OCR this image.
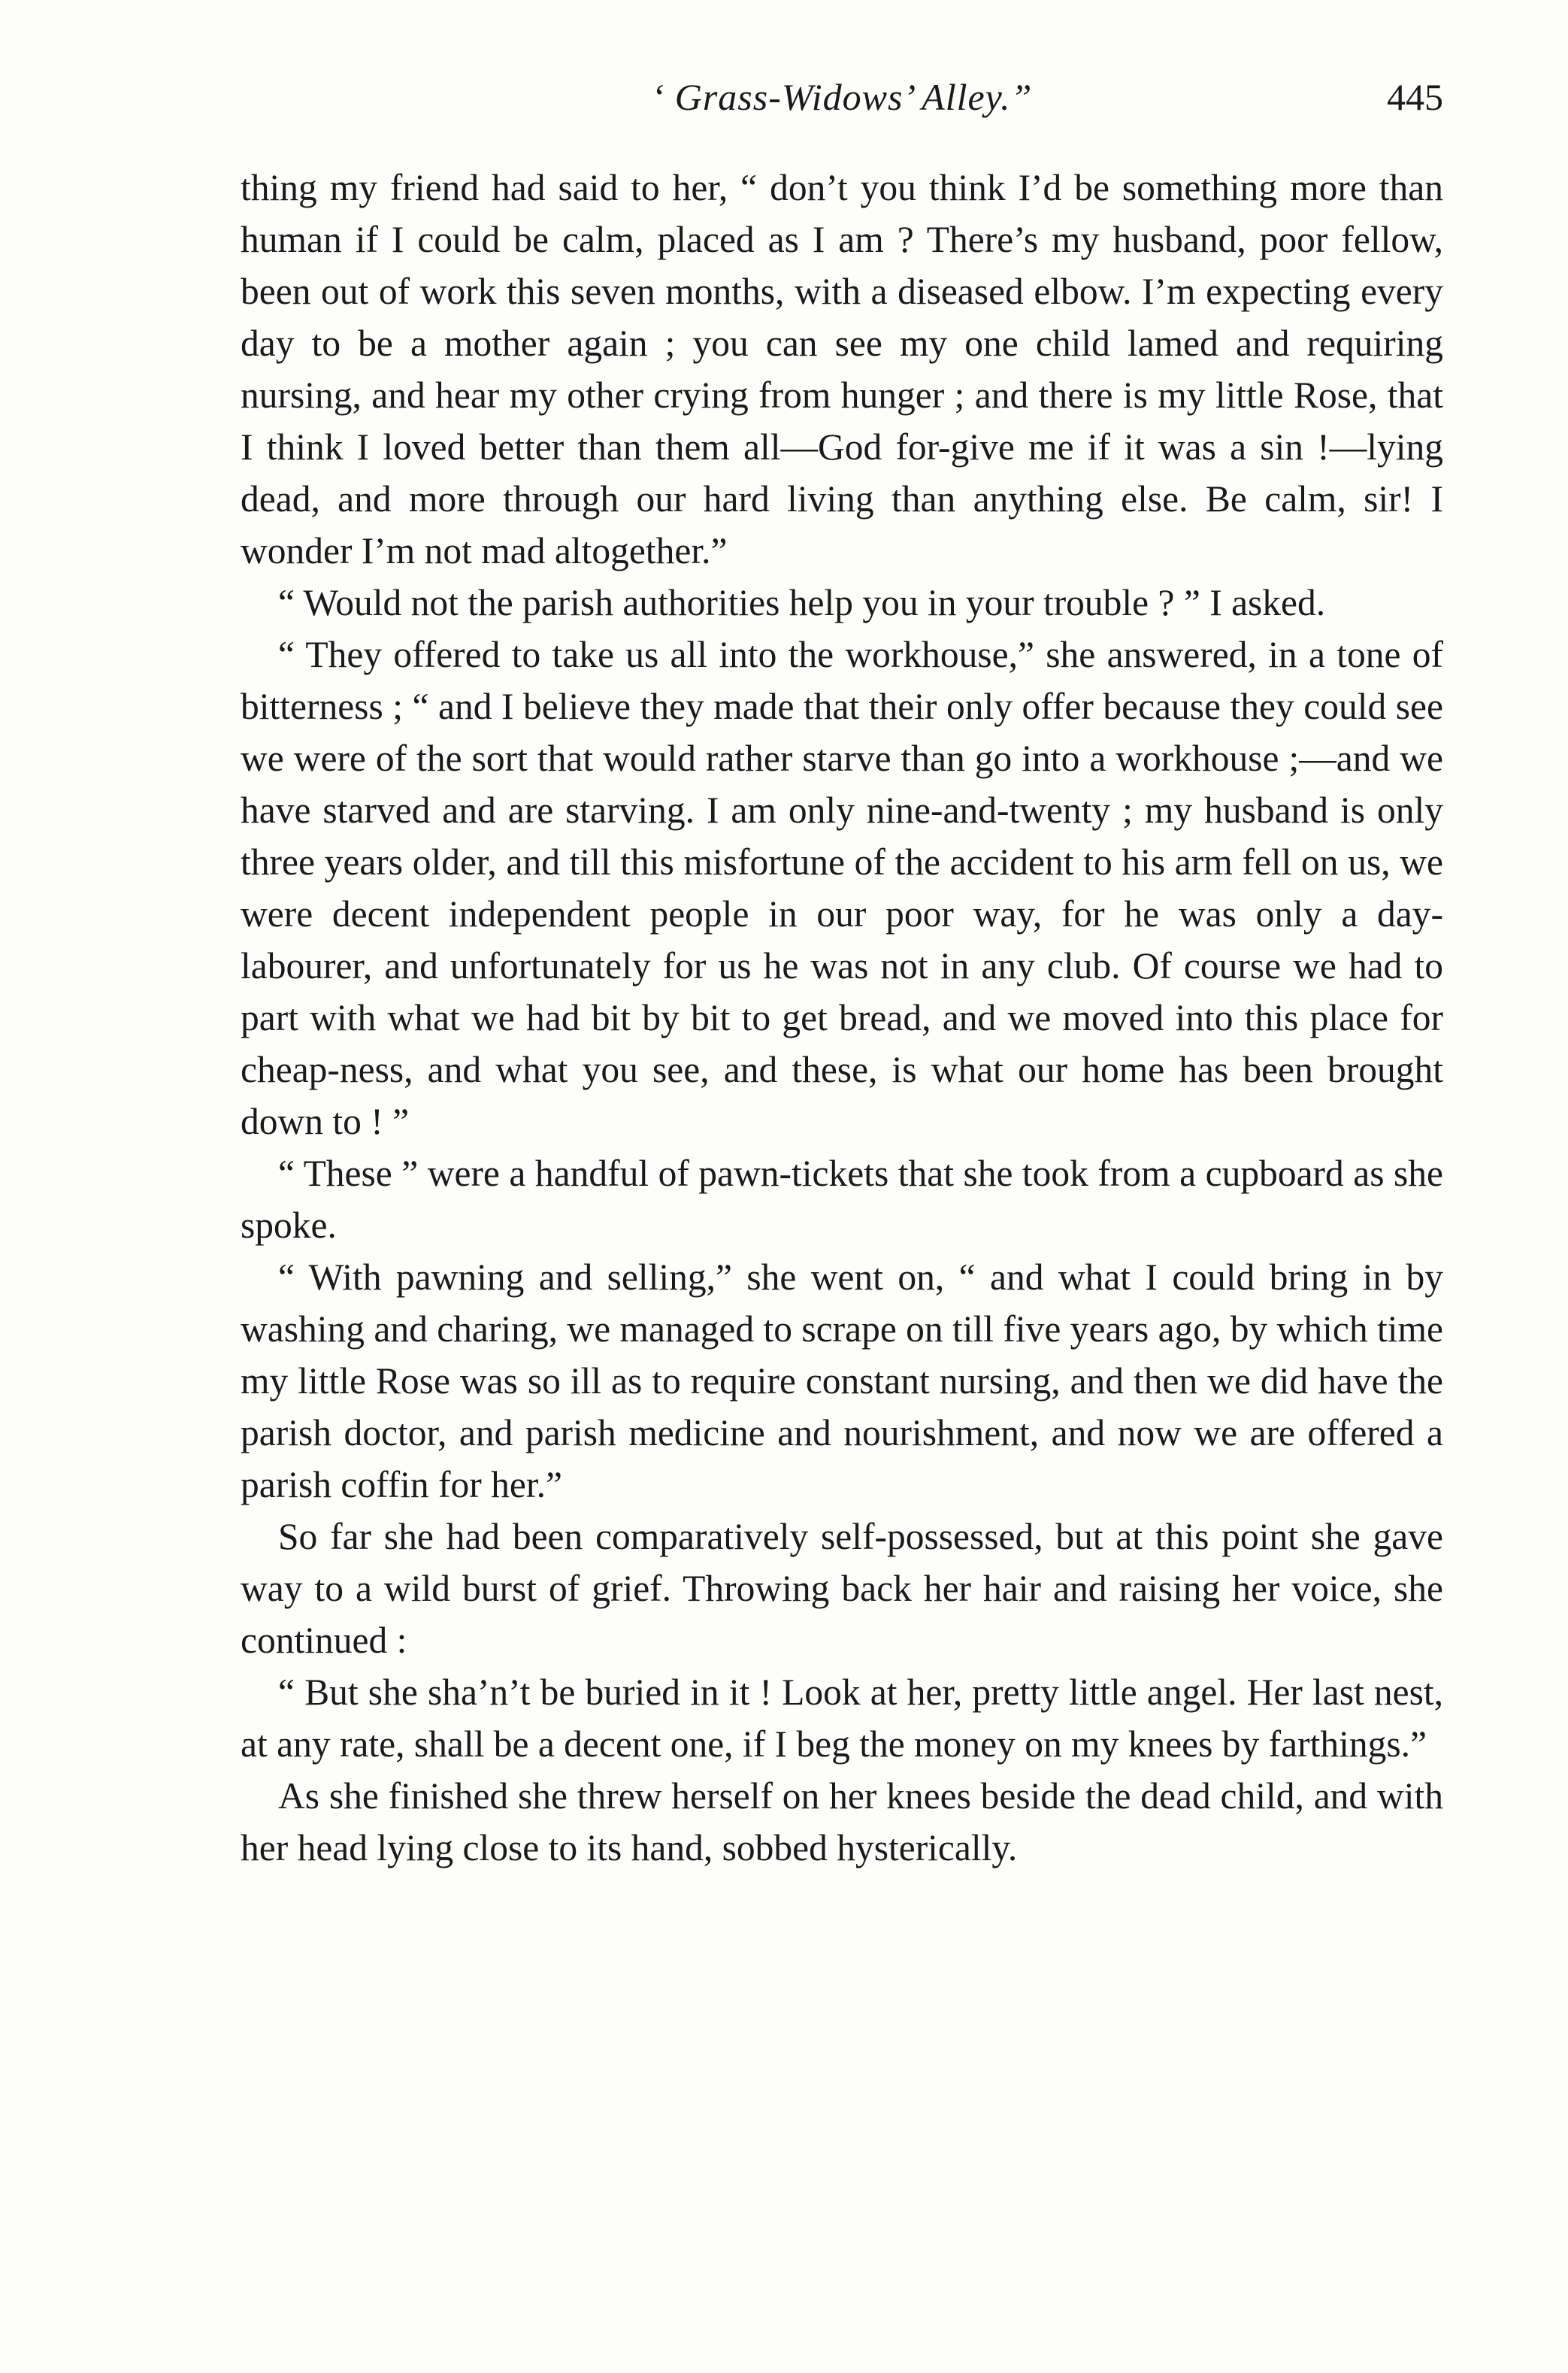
‘ Grass-Widows’ Alley.”	445

thing my friend had said to her, “ don’t you think I’d be something more than human if I could be calm, placed as I am ? There’s my husband, poor fellow, been out of work this seven months, with a diseased elbow. I’m expecting every day to be a mother again ; you can see my one child lamed and requiring nursing, and hear my other crying from hunger ; and there is my little Rose, that I think I loved better than them all—God for-give me if it was a sin !—lying dead, and more through our hard living than anything else. Be calm, sir! I wonder I’m not mad altogether.”

“ Would not the parish authorities help you in your trouble ? ” I asked.

“ They offered to take us all into the workhouse,” she answered, in a tone of bitterness ; “ and I believe they made that their only offer because they could see we were of the sort that would rather starve than go into a workhouse ;—and we have starved and are starving. I am only nine-and-twenty ; my husband is only three years older, and till this misfortune of the accident to his arm fell on us, we were decent independent people in our poor way, for he was only a day-labourer, and unfortunately for us he was not in any club. Of course we had to part with what we had bit by bit to get bread, and we moved into this place for cheap-ness, and what you see, and these, is what our home has been brought down to ! ”

“ These ” were a handful of pawn-tickets that she took from a cupboard as she spoke.

“ With pawning and selling,” she went on, “ and what I could bring in by washing and charing, we managed to scrape on till five years ago, by which time my little Rose was so ill as to require constant nursing, and then we did have the parish doctor, and parish medicine and nourishment, and now we are offered a parish coffin for her.”

So far she had been comparatively self-possessed, but at this point she gave way to a wild burst of grief. Throwing back her hair and raising her voice, she continued :

“ But she sha’n’t be buried in it ! Look at her, pretty little angel. Her last nest, at any rate, shall be a decent one, if I beg the money on my knees by farthings.”

As she finished she threw herself on her knees beside the dead child, and with her head lying close to its hand, sobbed hysterically.
